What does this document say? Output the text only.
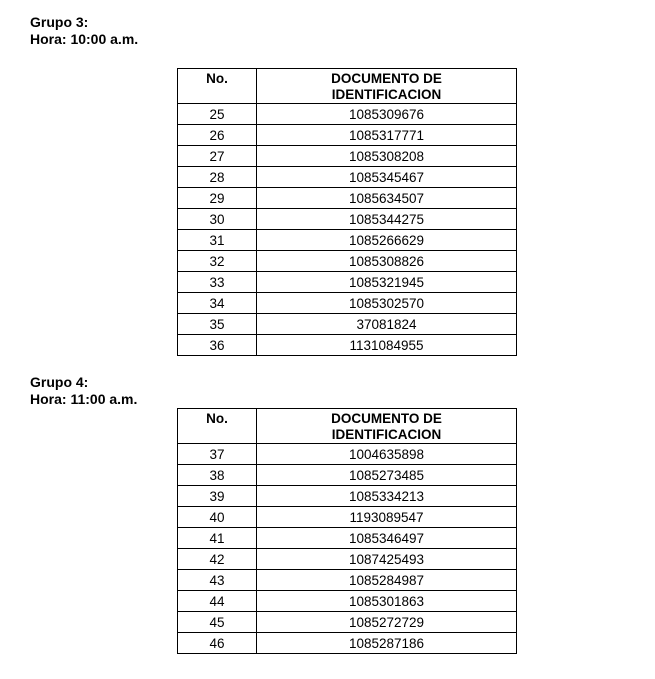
Grupo 3:
Hora: 10:00 a.m.
No.	DOCUMENTO DE
IDENTIFICACION
25	1085309676
26	1085317771
27	1085308208
28	1085345467
29	1085634507
30	1085344275
31	1085266629
32	1085308826
33	1085321945
34	1085302570
35	37081824
36	1131084955
Grupo 4:
Hora: 11:00 a.m.
No.	DOCUMENTO DE
IDENTIFICACION
37	1004635898
38	1085273485
39	1085334213
40	1193089547
41	1085346497
42	1087425493
43	1085284987
44	1085301863
45	1085272729
46	1085287186
